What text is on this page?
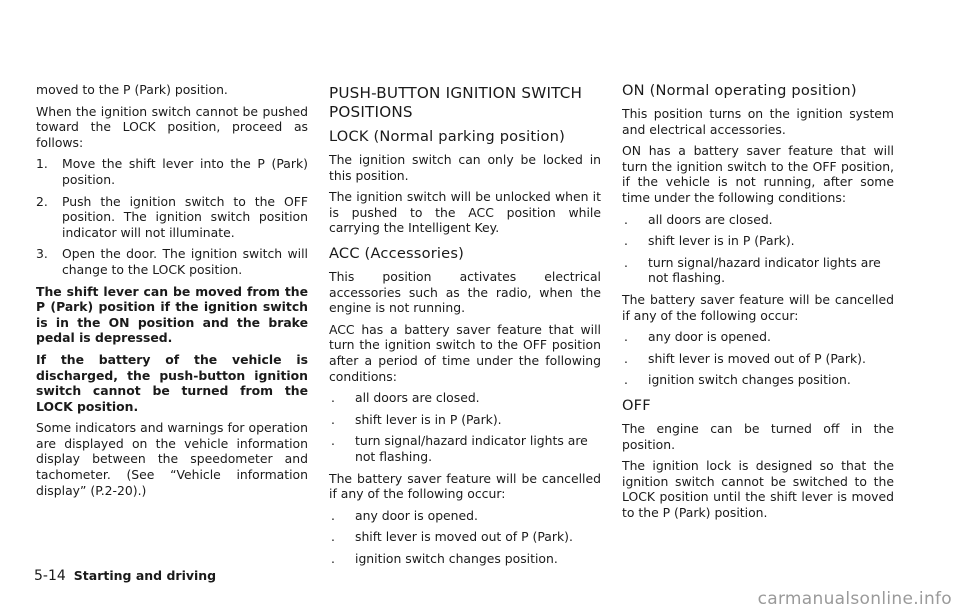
moved to the P (Park) position.

When the ignition switch cannot be pushed toward the LOCK position, proceed as follows:

1.	Move the shift lever into the P (Park) position.
2.	Push the ignition switch to the OFF position. The ignition switch position indicator will not illuminate.
3.	Open the door. The ignition switch will change to the LOCK position.

The shift lever can be moved from the P (Park) position if the ignition switch is in the ON position and the brake pedal is depressed.

If the battery of the vehicle is discharged, the push-button ignition switch cannot be turned from the LOCK position.

Some indicators and warnings for operation are displayed on the vehicle information display between the speedometer and tachometer. (See “Vehicle information display” (P.2-20).)

PUSH-BUTTON IGNITION SWITCH POSITIONS
LOCK (Normal parking position)

The ignition switch can only be locked in this position.

The ignition switch will be unlocked when it is pushed to the ACC position while carrying the Intelligent Key.

ACC (Accessories)

This position activates electrical accessories such as the radio, when the engine is not running.

ACC has a battery saver feature that will turn the ignition switch to the OFF position after a period of time under the following conditions:

.	all doors are closed.
.	shift lever is in P (Park).
.	turn signal/hazard indicator lights are not flashing.

The battery saver feature will be cancelled if any of the following occur:

.	any door is opened.
.	shift lever is moved out of P (Park).
.	ignition switch changes position.
ON (Normal operating position)

This position turns on the ignition system and electrical accessories.

ON has a battery saver feature that will turn the ignition switch to the OFF position, if the vehicle is not running, after some time under the following conditions:

.	all doors are closed.
.	shift lever is in P (Park).
.	turn signal/hazard indicator lights are not flashing.

The battery saver feature will be cancelled if any of the following occur:

.	any door is opened.
.	shift lever is moved out of P (Park).
.	ignition switch changes position.
OFF

The engine can be turned off in the position.

The ignition lock is designed so that the ignition switch cannot be switched to the LOCK position until the shift lever is moved to the P (Park) position.

5-14 Starting and driving
carmanualsonline.info
